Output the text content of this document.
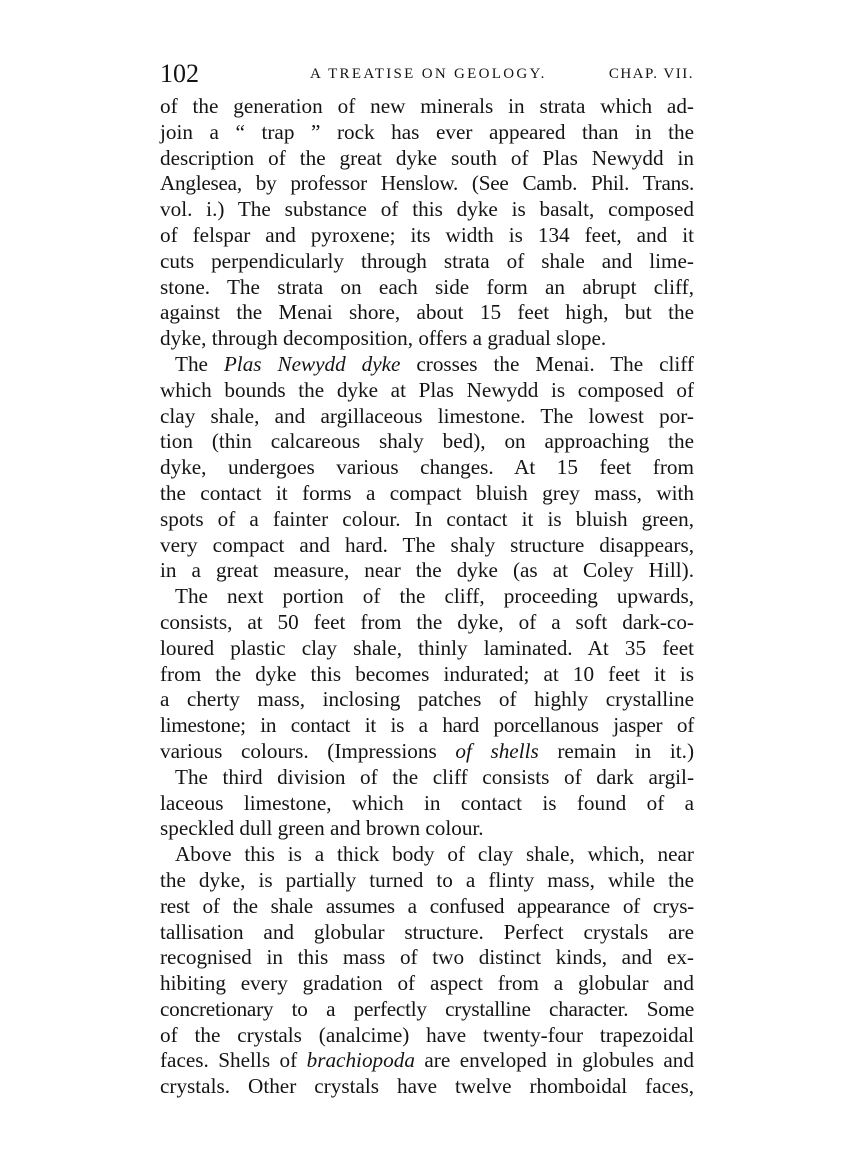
102	A TREATISE ON GEOLOGY.	CHAP. VII.
of the generation of new minerals in strata which ad-
join a “ trap ” rock has ever appeared than in the
description of the great dyke south of Plas Newydd in
Anglesea, by professor Henslow. (See Camb. Phil. Trans.
vol. i.) The substance of this dyke is basalt, composed
of felspar and pyroxene; its width is 134 feet, and it
cuts perpendicularly through strata of shale and lime-
stone. The strata on each side form an abrupt cliff,
against the Menai shore, about 15 feet high, but the
dyke, through decomposition, offers a gradual slope.
The Plas Newydd dyke crosses the Menai. The cliff
which bounds the dyke at Plas Newydd is composed of
clay shale, and argillaceous limestone. The lowest por-
tion (thin calcareous shaly bed), on approaching the
dyke, undergoes various changes. At 15 feet from
the contact it forms a compact bluish grey mass, with
spots of a fainter colour. In contact it is bluish green,
very compact and hard. The shaly structure disappears,
in a great measure, near the dyke (as at Coley Hill).
The next portion of the cliff, proceeding upwards,
consists, at 50 feet from the dyke, of a soft dark-co-
loured plastic clay shale, thinly laminated. At 35 feet
from the dyke this becomes indurated; at 10 feet it is
a cherty mass, inclosing patches of highly crystalline
limestone; in contact it is a hard porcellanous jasper of
various colours. (Impressions of shells remain in it.)
The third division of the cliff consists of dark argil-
laceous limestone, which in contact is found of a
speckled dull green and brown colour.
Above this is a thick body of clay shale, which, near
the dyke, is partially turned to a flinty mass, while the
rest of the shale assumes a confused appearance of crys-
tallisation and globular structure. Perfect crystals are
recognised in this mass of two distinct kinds, and ex-
hibiting every gradation of aspect from a globular and
concretionary to a perfectly crystalline character. Some
of the crystals (analcime) have twenty-four trapezoidal
faces. Shells of brachiopoda are enveloped in globules and
crystals. Other crystals have twelve rhomboidal faces,
